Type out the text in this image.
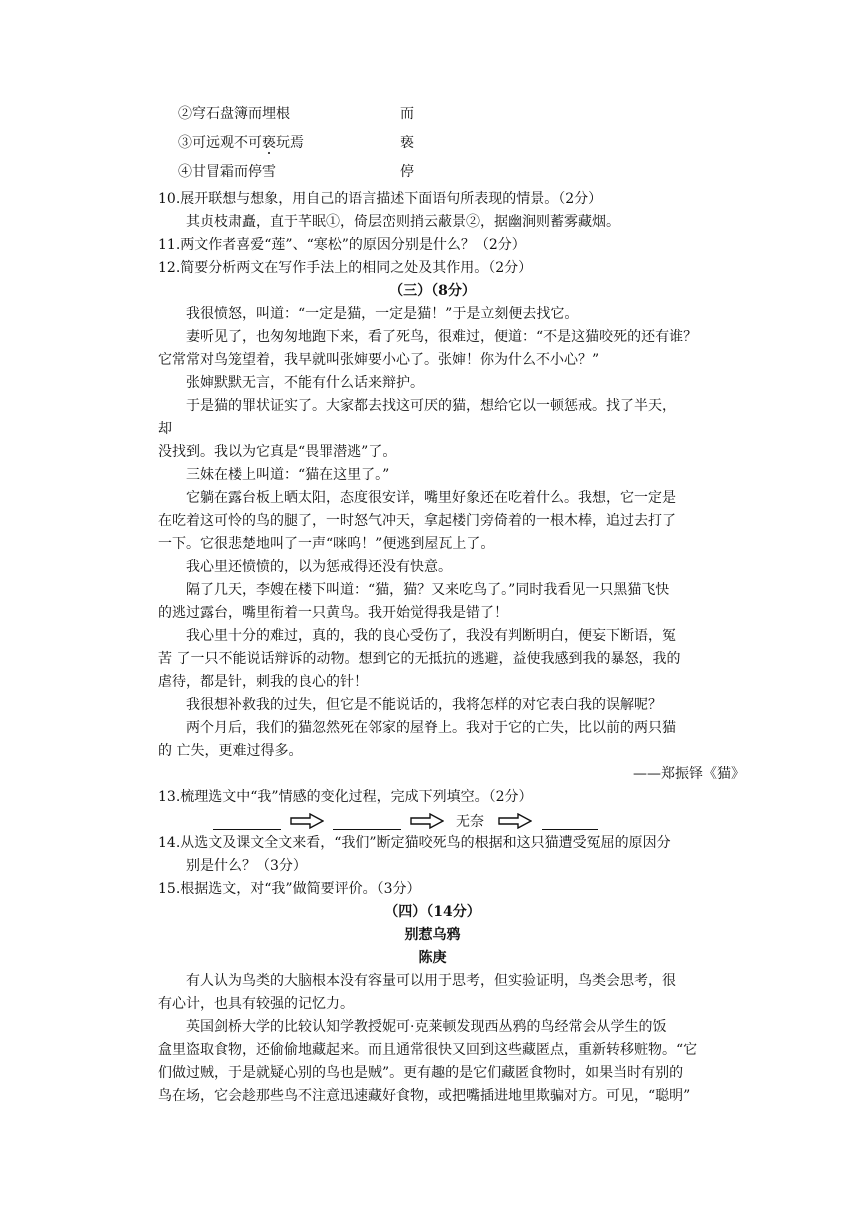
②穹石盘簿而埋根	而
③可远观不可亵玩焉	亵
④甘冒霜而停雪	停
10.展开联想与想象，用自己的语言描述下面语句所表现的情景。（2分）
其贞枝肃矗，直于芊眠①，倚层峦则捎云蔽景②，据幽涧则蓄雾藏烟。
11.两文作者喜爱“莲”、“寒松”的原因分别是什么？（2分）
12.简要分析两文在写作手法上的相同之处及其作用。（2分）
（三）（8分）
我很愤怒，叫道：“一定是猫，一定是猫！”于是立刻便去找它。
妻听见了，也匆匆地跑下来，看了死鸟，很难过，便道：“不是这猫咬死的还有谁？
它常常对鸟笼望着，我早就叫张婶要小心了。张婶！你为什么不小心？”
张婶默默无言，不能有什么话来辩护。
于是猫的罪状证实了。大家都去找这可厌的猫，想给它以一顿惩戒。找了半天，
却
没找到。我以为它真是“畏罪潜逃”了。
三妹在楼上叫道：“猫在这里了。”
它躺在露台板上晒太阳，态度很安详，嘴里好象还在吃着什么。我想，它一定是
在吃着这可怜的鸟的腿了，一时怒气冲天，拿起楼门旁倚着的一根木棒，追过去打了
一下。它很悲楚地叫了一声“咪呜！”便逃到屋瓦上了。
我心里还愤愤的，以为惩戒得还没有快意。
隔了几天，李嫂在楼下叫道：“猫，猫？又来吃鸟了。”同时我看见一只黑猫飞快
的逃过露台，嘴里衔着一只黄鸟。我开始觉得我是错了！
我心里十分的难过，真的，我的良心受伤了，我没有判断明白，便妄下断语，冤
苦 了一只不能说话辩诉的动物。想到它的无抵抗的逃避，益使我感到我的暴怒，我的
虐待，都是针，刺我的良心的针！
我很想补救我的过失，但它是不能说话的，我将怎样的对它表白我的误解呢？
两个月后，我们的猫忽然死在邻家的屋脊上。我对于它的亡失，比以前的两只猫
的 亡失，更难过得多。
——郑振铎《猫》
13.梳理选文中“我”情感的变化过程，完成下列填空。（2分）
无奈
14.从选文及课文全文来看，“我们”断定猫咬死鸟的根据和这只猫遭受冤屈的原因分
别是什么？（3分）
15.根据选文，对“我”做简要评价。（3分）
（四）（14分）
别惹乌鸦
陈庚
有人认为鸟类的大脑根本没有容量可以用于思考，但实验证明，鸟类会思考，很
有心计，也具有较强的记忆力。
英国剑桥大学的比较认知学教授妮可·克莱顿发现西丛鸦的鸟经常会从学生的饭
盒里盗取食物，还偷偷地藏起来。而且通常很快又回到这些藏匿点，重新转移赃物。“它
们做过贼，于是就疑心别的鸟也是贼”。更有趣的是它们藏匿食物时，如果当时有别的
鸟在场，它会趁那些鸟不注意迅速藏好食物，或把嘴插进地里欺骗对方。可见，“聪明”
